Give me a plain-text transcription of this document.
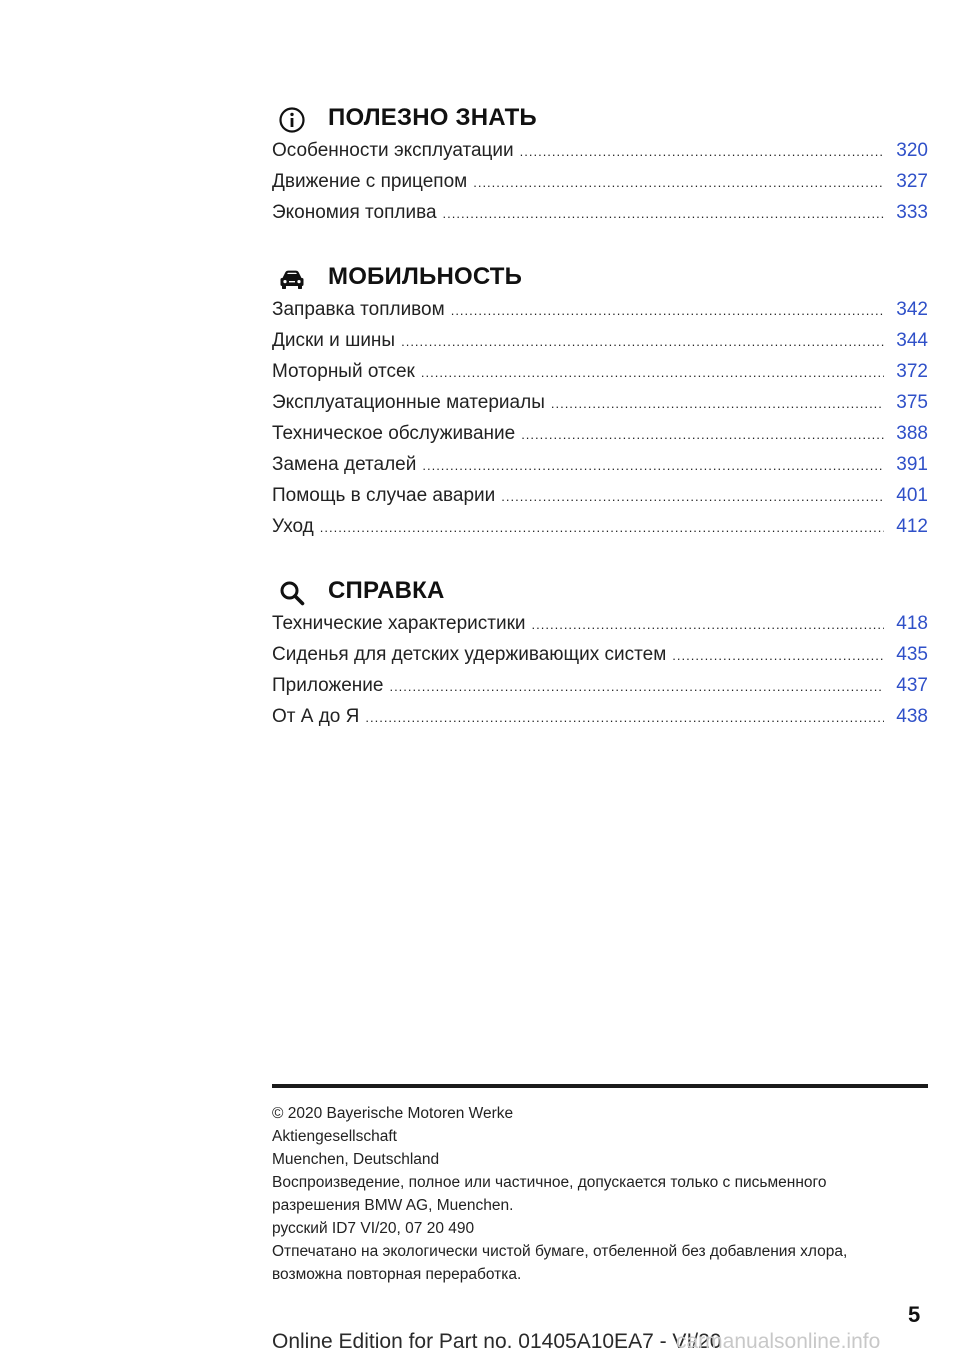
ПОЛЕЗНО ЗНАТЬ
Особенности эксплуатации .....	320
Движение с прицепом .....	327
Экономия топлива .....	333
МОБИЛЬНОСТЬ
Заправка топливом .....	342
Диски и шины .....	344
Моторный отсек .....	372
Эксплуатационные материалы .....	375
Техническое обслуживание .....	388
Замена деталей .....	391
Помощь в случае аварии .....	401
Уход .....	412
СПРАВКА
Технические характеристики .....	418
Сиденья для детских удерживающих систем .....	435
Приложение .....	437
От А до Я .....	438
© 2020 Bayerische Motoren Werke
Aktiengesellschaft
Muenchen, Deutschland
Воспроизведение, полное или частичное, допускается только с письменного
разрешения BMW AG, Muenchen.
русский ID7 VI/20, 07 20 490
Отпечатано на экологически чистой бумаге, отбеленной без добавления хлора,
возможна повторная переработка.
5
Online Edition for Part no. 01405A10EA7 - VI/20
carmanualsonline.info
